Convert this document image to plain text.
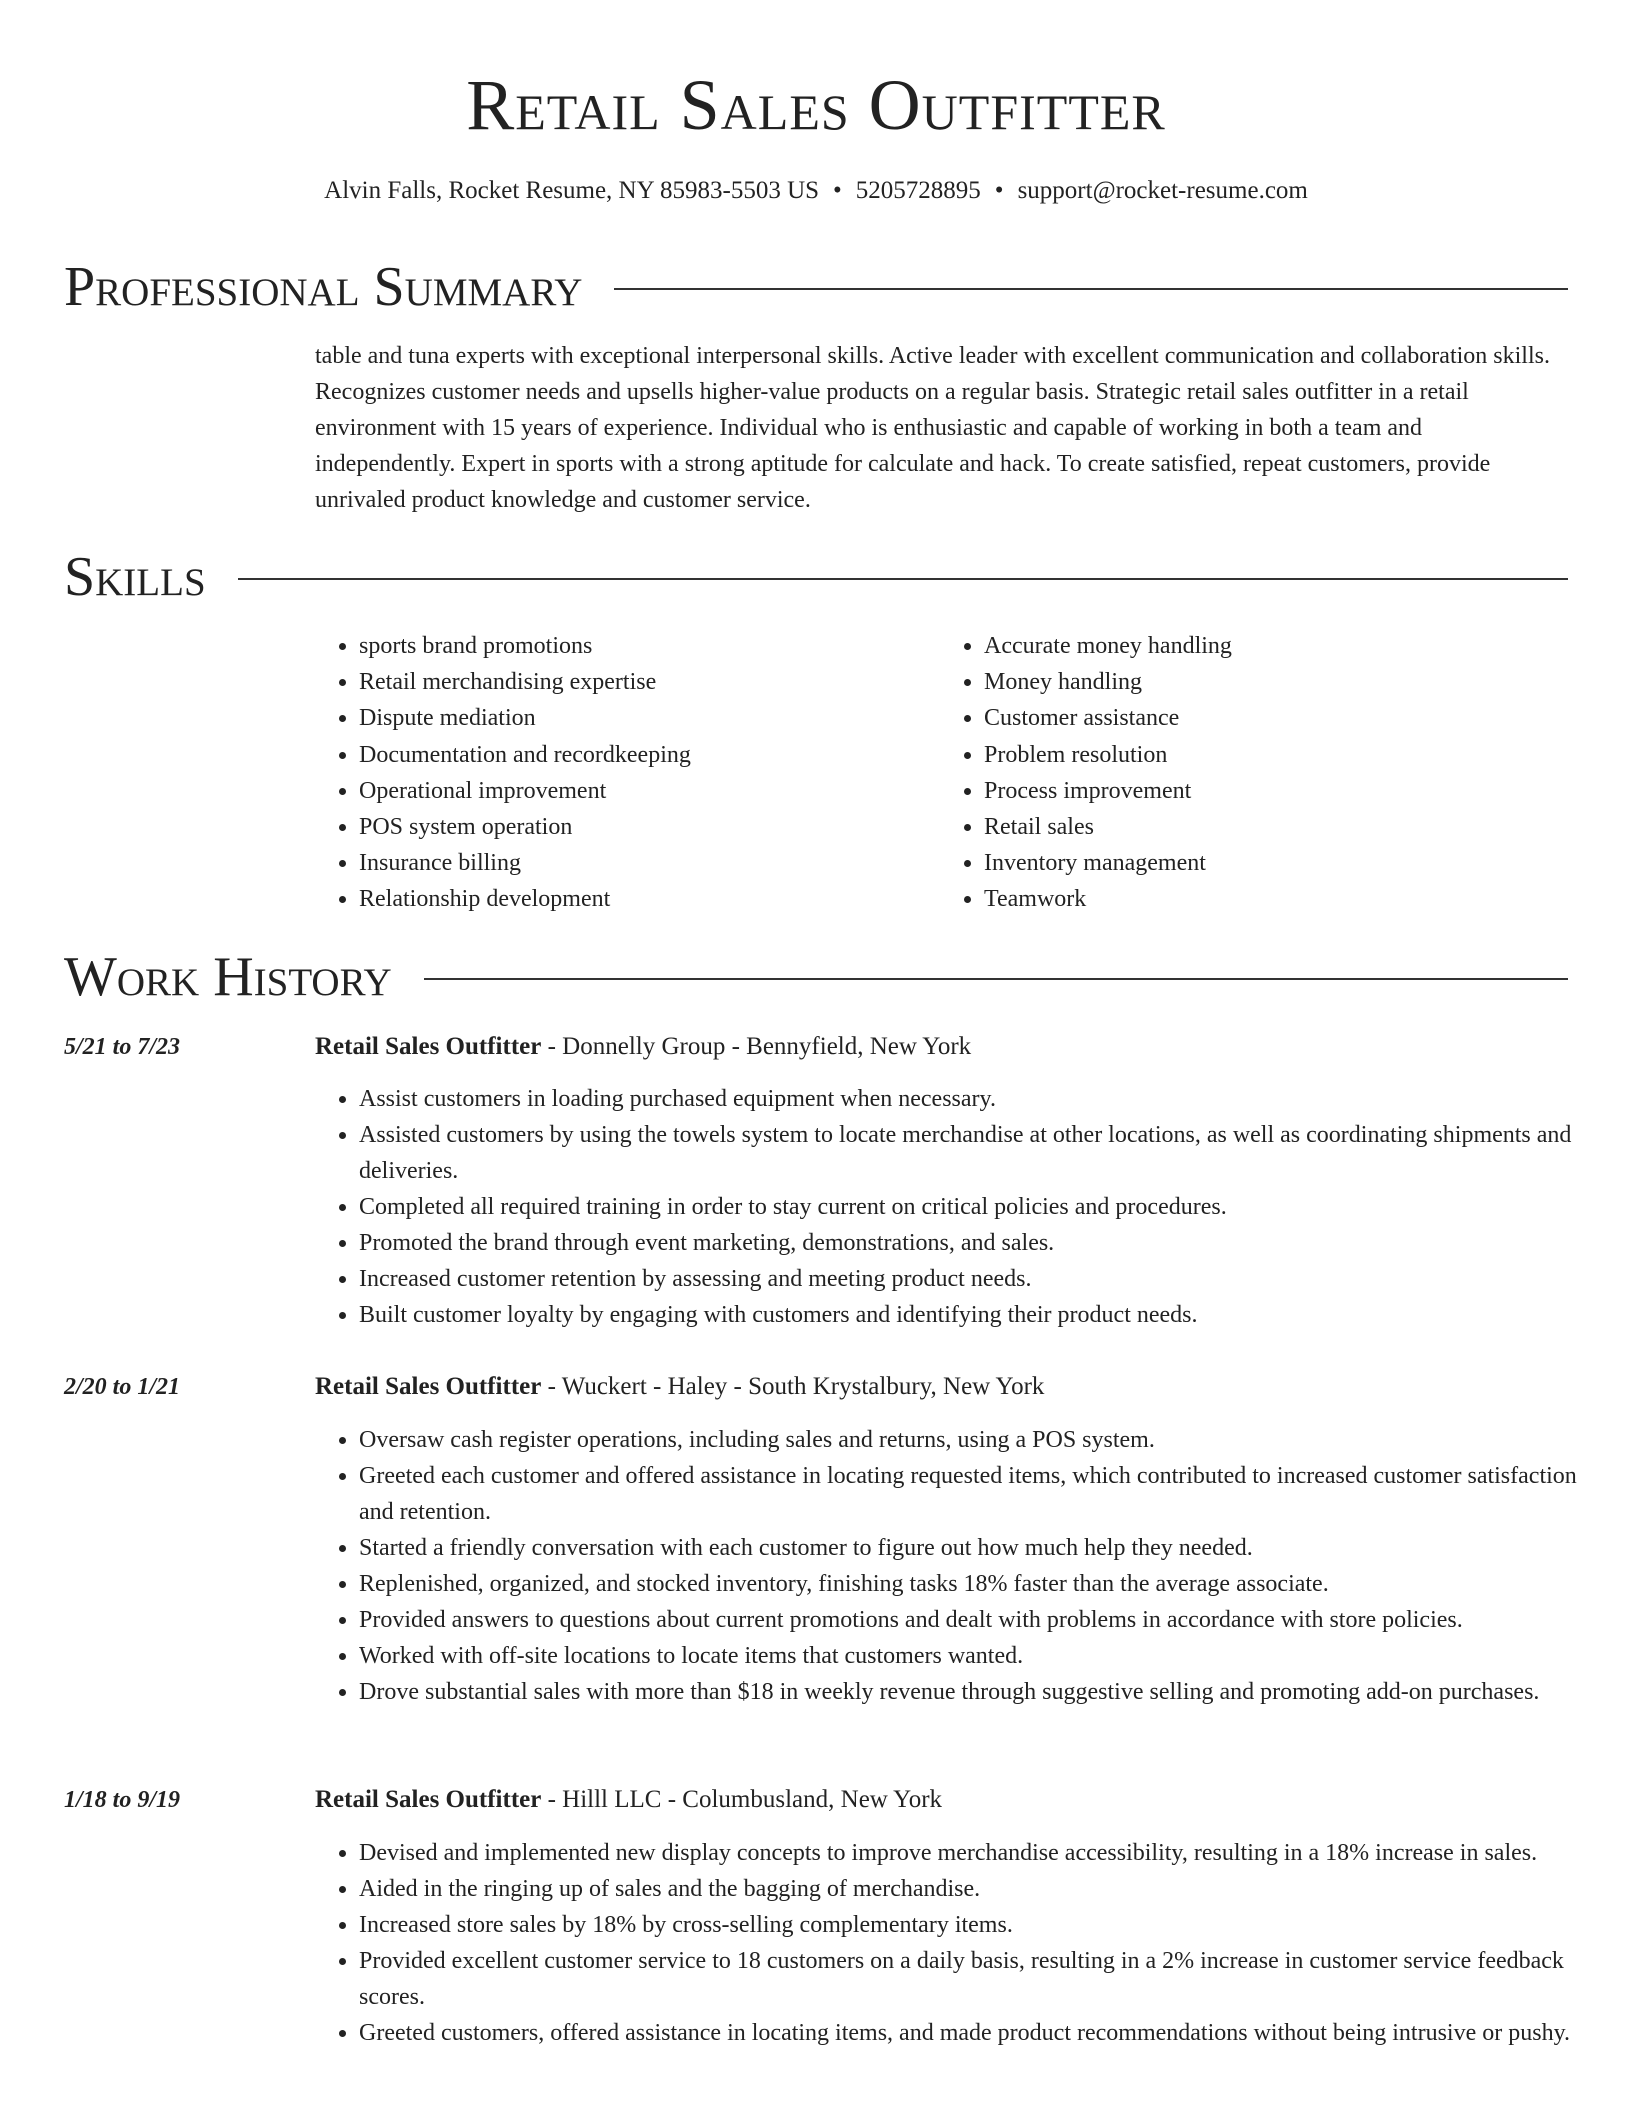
Retail Sales Outfitter
Alvin Falls, Rocket Resume, NY 85983-5503 US • 5205728895 • support@rocket-resume.com
Professional Summary

table and tuna experts with exceptional interpersonal skills. Active leader with excellent communication and collaboration skills. Recognizes customer needs and upsells higher-value products on a regular basis. Strategic retail sales outfitter in a retail environment with 15 years of experience. Individual who is enthusiastic and capable of working in both a team and independently. Expert in sports with a strong aptitude for calculate and hack. To create satisfied, repeat customers, provide unrivaled product knowledge and customer service.

Skills
• sports brand promotions
• Retail merchandising expertise
• Dispute mediation
• Documentation and recordkeeping
• Operational improvement
• POS system operation
• Insurance billing
• Relationship development
• Accurate money handling
• Money handling
• Customer assistance
• Problem resolution
• Process improvement
• Retail sales
• Inventory management
• Teamwork
Work History
5/21 to 7/23	Retail Sales Outfitter - Donnelly Group - Bennyfield, New York
• Assist customers in loading purchased equipment when necessary.
• Assisted customers by using the towels system to locate merchandise at other locations, as well as coordinating shipments and deliveries.
• Completed all required training in order to stay current on critical policies and procedures.
• Promoted the brand through event marketing, demonstrations, and sales.
• Increased customer retention by assessing and meeting product needs.
• Built customer loyalty by engaging with customers and identifying their product needs.
2/20 to 1/21	Retail Sales Outfitter - Wuckert - Haley - South Krystalbury, New York
• Oversaw cash register operations, including sales and returns, using a POS system.
• Greeted each customer and offered assistance in locating requested items, which contributed to increased customer satisfaction and retention.
• Started a friendly conversation with each customer to figure out how much help they needed.
• Replenished, organized, and stocked inventory, finishing tasks 18% faster than the average associate.
• Provided answers to questions about current promotions and dealt with problems in accordance with store policies.
• Worked with off-site locations to locate items that customers wanted.
• Drove substantial sales with more than $18 in weekly revenue through suggestive selling and promoting add-on purchases.
1/18 to 9/19	Retail Sales Outfitter - Hilll LLC - Columbusland, New York
• Devised and implemented new display concepts to improve merchandise accessibility, resulting in a 18% increase in sales.
• Aided in the ringing up of sales and the bagging of merchandise.
• Increased store sales by 18% by cross-selling complementary items.
• Provided excellent customer service to 18 customers on a daily basis, resulting in a 2% increase in customer service feedback scores.
• Greeted customers, offered assistance in locating items, and made product recommendations without being intrusive or pushy.
